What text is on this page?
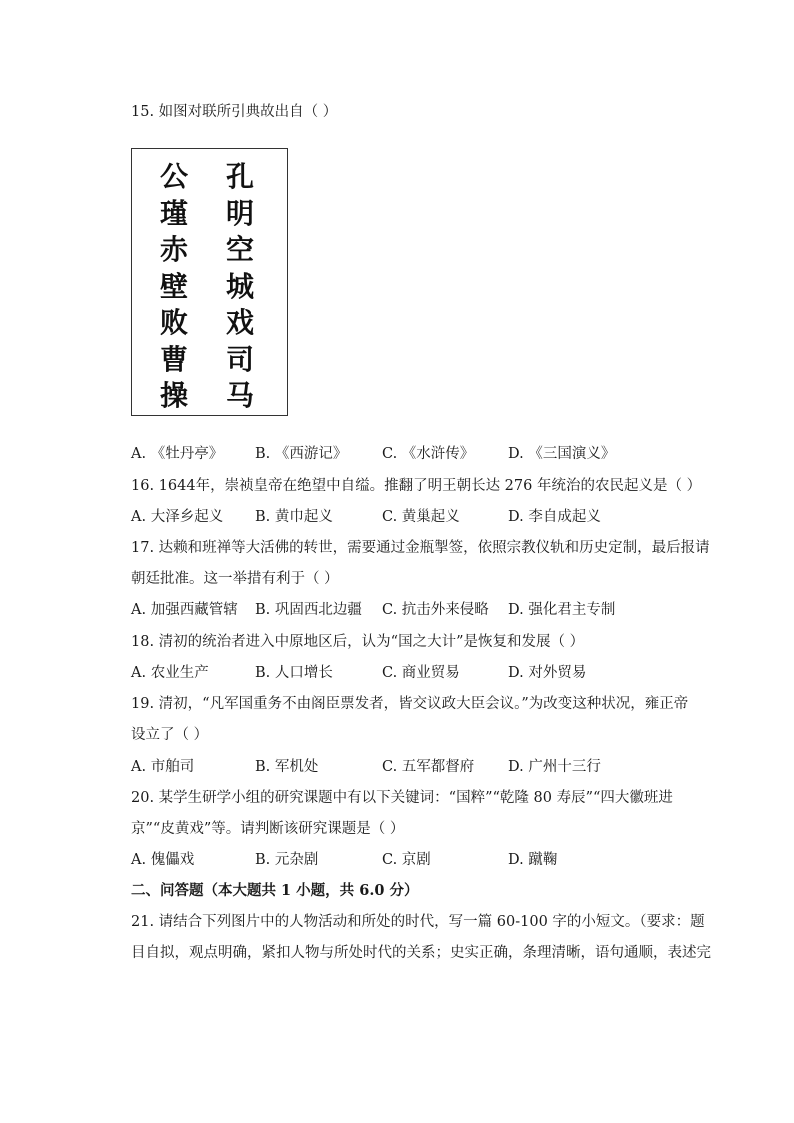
15. 如图对联所引典故出自（ ）
公
瑾
赤
壁
败
曹
操
孔
明
空
城
戏
司
马
A. 《牡丹亭》 B. 《西游记》 C. 《水浒传》 D. 《三国演义》
16. 1644年，崇祯皇帝在绝望中自缢。推翻了明王朝长达 276 年统治的农民起义是（ ）
A. 大泽乡起义 B. 黄巾起义	C. 黄巢起义	D. 李自成起义
17. 达赖和班禅等大活佛的转世，需要通过金瓶掣签，依照宗教仪轨和历史定制，最后报请
朝廷批准。这一举措有利于（ ）
A. 加强西藏管辖 B. 巩固西北边疆 C. 抗击外来侵略 D. 强化君主专制
18. 清初的统治者进入中原地区后，认为“国之大计”是恢复和发展（ ）
A. 农业生产	B. 人口增长	C. 商业贸易	D. 对外贸易
19. 清初，“凡军国重务不由阁臣票发者，皆交议政大臣会议。”为改变这种状况，雍正帝
设立了（ ）
A. 市舶司	B. 军机处	C. 五军都督府 D. 广州十三行
20. 某学生研学小组的研究课题中有以下关键词：“国粹”“乾隆 80 寿辰”“四大徽班进
京”“皮黄戏”等。请判断该研究课题是（ ）
A. 傀儡戏	B. 元杂剧	C. 京剧	D. 蹴鞠
二、问答题（本大题共 1 小题，共 6.0 分）
21. 请结合下列图片中的人物活动和所处的时代，写一篇 60-100 字的小短文。（要求：题
目自拟，观点明确，紧扣人物与所处时代的关系；史实正确，条理清晰，语句通顺，表述完
